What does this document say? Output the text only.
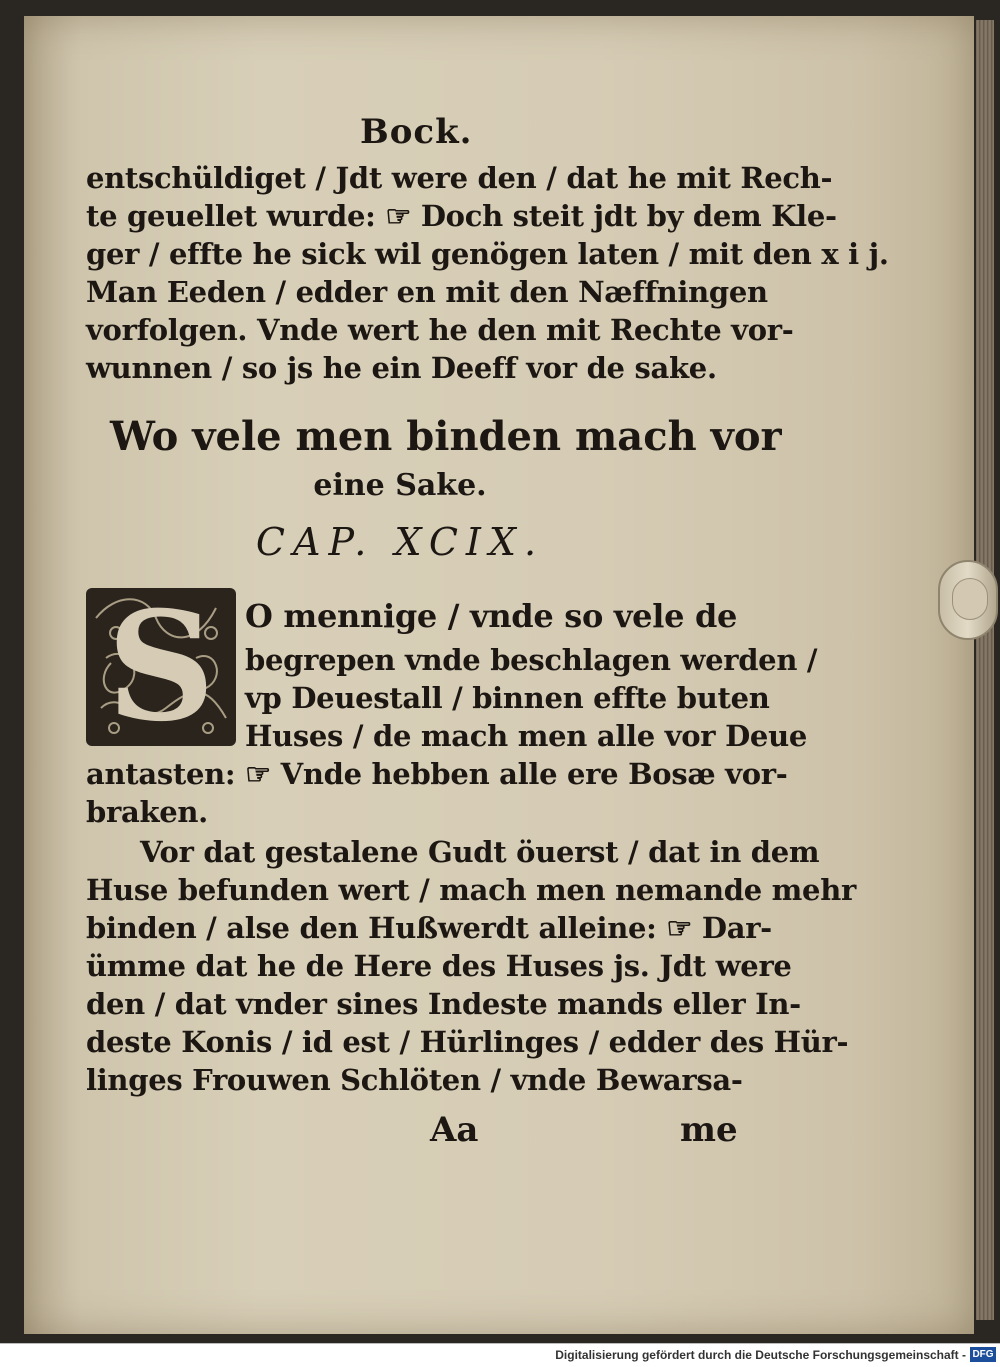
Bock.
entschüldiget / Jdt were den / dat he mit Rech-
te geuellet wurde: ☞ Doch steit jdt by dem Kle-
ger / effte he sick wil genögen laten / mit den x i j.
Man Eeden / edder en mit den Næffningen
vorfolgen. Vnde wert he den mit Rechte vor-
wunnen / so js he ein Deeff vor de sake.
Wo vele men binden mach vor
eine Sake.
CAP. XCIX.
S O mennige / vnde so vele de
begrepen vnde beschlagen werden /
vp Deuestall / binnen effte buten
Huses / de mach men alle vor Deue
antasten: ☞ Vnde hebben alle ere Bosæ vor-
braken.
Vor dat gestalene Gudt öuerst / dat in dem
Huse befunden wert / mach men nemande mehr
binden / alse den Hußwerdt alleine: ☞ Dar-
ümme dat he de Here des Huses js. Jdt were
den / dat vnder sines Indeste mands eller In-
deste Konis / id est / Hürlinges / edder des Hür-
linges Frouwen Schlöten / vnde Bewarsa-
Aa	me
Digitalisierung gefördert durch die Deutsche Forschungsgemeinschaft - DFG
